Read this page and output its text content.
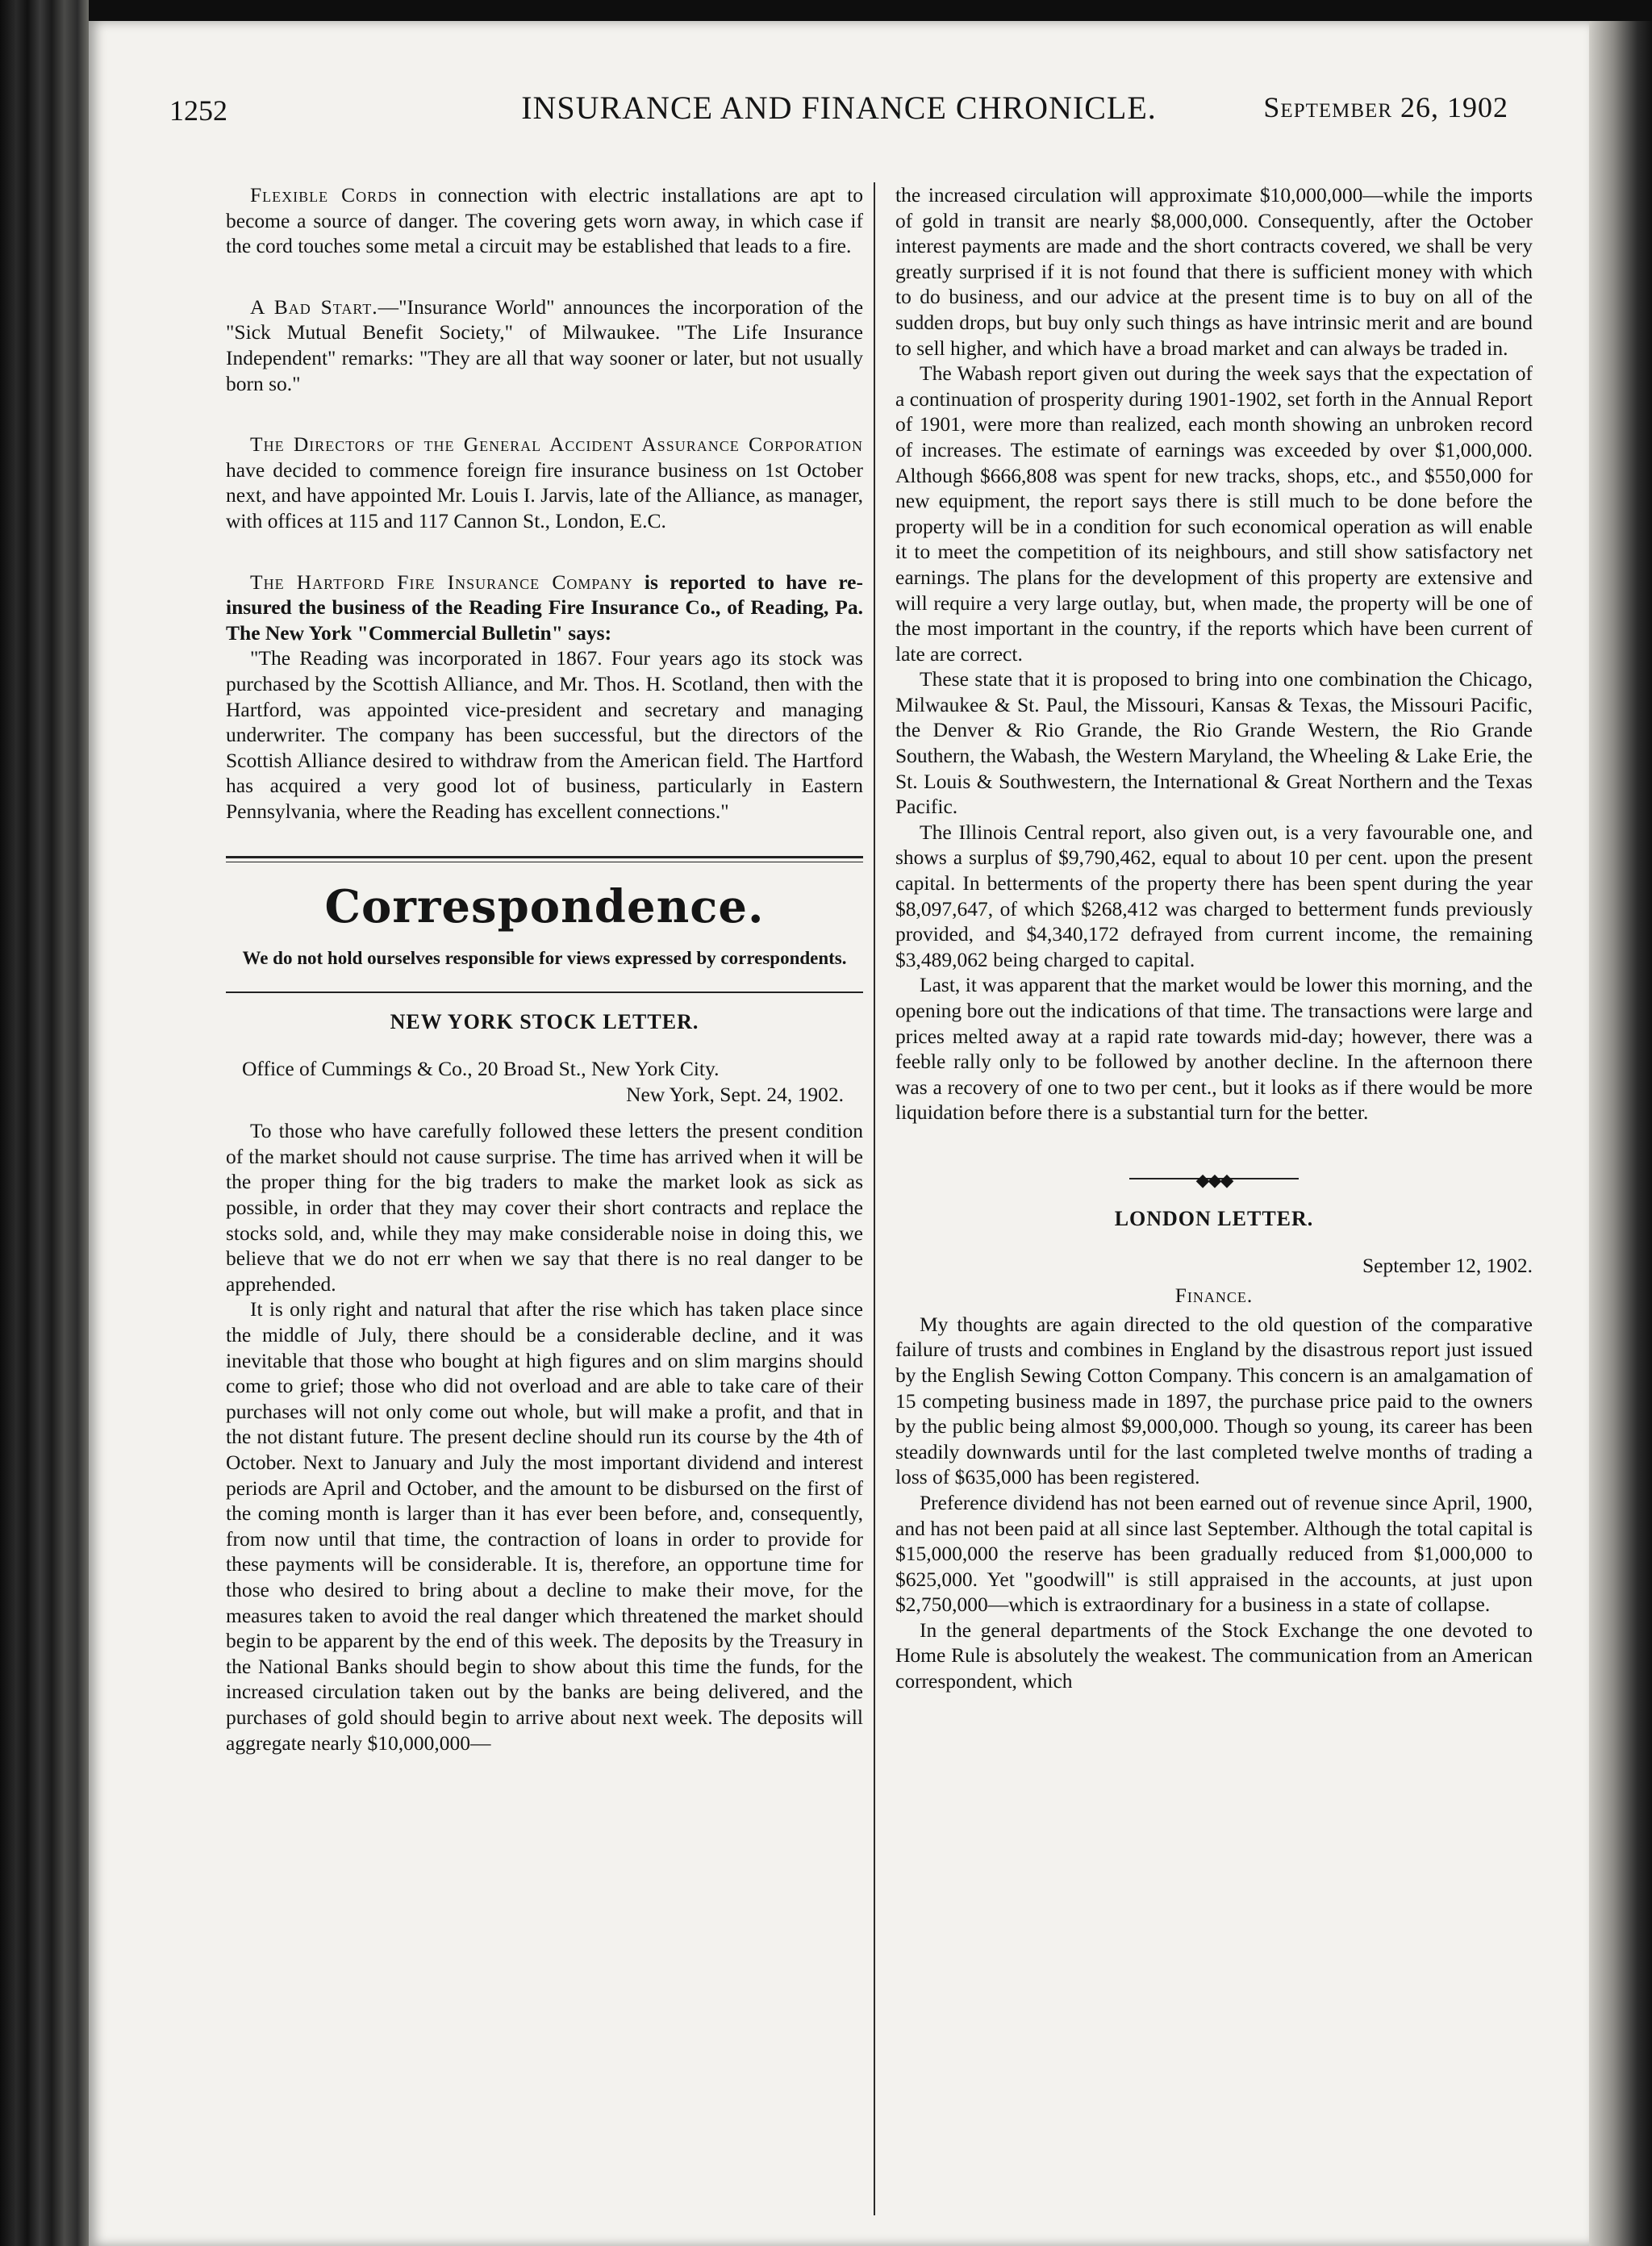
1252	INSURANCE AND FINANCE CHRONICLE.	September 26, 1902

Flexible Cords in connection with electric installations are apt to become a source of danger. The covering gets worn away, in which case if the cord touches some metal a circuit may be established that leads to a fire.

A Bad Start.—"Insurance World" announces the incorporation of the "Sick Mutual Benefit Society," of Milwaukee. "The Life Insurance Independent" remarks: "They are all that way sooner or later, but not usually born so."

The Directors of the General Accident Assurance Corporation have decided to commence foreign fire insurance business on 1st October next, and have appointed Mr. Louis I. Jarvis, late of the Alliance, as manager, with offices at 115 and 117 Cannon St., London, E.C.

The Hartford Fire Insurance Company is reported to have re-insured the business of the Reading Fire Insurance Co., of Reading, Pa. The New York "Commercial Bulletin" says:

"The Reading was incorporated in 1867. Four years ago its stock was purchased by the Scottish Alliance, and Mr. Thos. H. Scotland, then with the Hartford, was appointed vice-president and secretary and managing underwriter. The company has been successful, but the directors of the Scottish Alliance desired to withdraw from the American field. The Hartford has acquired a very good lot of business, particularly in Eastern Pennsylvania, where the Reading has excellent connections."

Correspondence.

We do not hold ourselves responsible for views expressed by correspondents.

NEW YORK STOCK LETTER.

Office of Cummings & Co., 20 Broad St., New York City.

New York, Sept. 24, 1902.

To those who have carefully followed these letters the present condition of the market should not cause surprise. The time has arrived when it will be the proper thing for the big traders to make the market look as sick as possible, in order that they may cover their short contracts and replace the stocks sold, and, while they may make considerable noise in doing this, we believe that we do not err when we say that there is no real danger to be apprehended.

It is only right and natural that after the rise which has taken place since the middle of July, there should be a considerable decline, and it was inevitable that those who bought at high figures and on slim margins should come to grief; those who did not overload and are able to take care of their purchases will not only come out whole, but will make a profit, and that in the not distant future. The present decline should run its course by the 4th of October. Next to January and July the most important dividend and interest periods are April and October, and the amount to be disbursed on the first of the coming month is larger than it has ever been before, and, consequently, from now until that time, the contraction of loans in order to provide for these payments will be considerable. It is, therefore, an opportune time for those who desired to bring about a decline to make their move, for the measures taken to avoid the real danger which threatened the market should begin to be apparent by the end of this week. The deposits by the Treasury in the National Banks should begin to show about this time the funds, for the increased circulation taken out by the banks are being delivered, and the purchases of gold should begin to arrive about next week. The deposits will aggregate nearly $10,000,000—

the increased circulation will approximate $10,000,000—while the imports of gold in transit are nearly $8,000,000. Consequently, after the October interest payments are made and the short contracts covered, we shall be very greatly surprised if it is not found that there is sufficient money with which to do business, and our advice at the present time is to buy on all of the sudden drops, but buy only such things as have intrinsic merit and are bound to sell higher, and which have a broad market and can always be traded in.

The Wabash report given out during the week says that the expectation of a continuation of prosperity during 1901-1902, set forth in the Annual Report of 1901, were more than realized, each month showing an unbroken record of increases. The estimate of earnings was exceeded by over $1,000,000. Although $666,808 was spent for new tracks, shops, etc., and $550,000 for new equipment, the report says there is still much to be done before the property will be in a condition for such economical operation as will enable it to meet the competition of its neighbours, and still show satisfactory net earnings. The plans for the development of this property are extensive and will require a very large outlay, but, when made, the property will be one of the most important in the country, if the reports which have been current of late are correct.

These state that it is proposed to bring into one combination the Chicago, Milwaukee & St. Paul, the Missouri, Kansas & Texas, the Missouri Pacific, the Denver & Rio Grande, the Rio Grande Western, the Rio Grande Southern, the Wabash, the Western Maryland, the Wheeling & Lake Erie, the St. Louis & Southwestern, the International & Great Northern and the Texas Pacific.

The Illinois Central report, also given out, is a very favourable one, and shows a surplus of $9,790,462, equal to about 10 per cent. upon the present capital. In betterments of the property there has been spent during the year $8,097,647, of which $268,412 was charged to betterment funds previously provided, and $4,340,172 defrayed from current income, the remaining $3,489,062 being charged to capital.

Last, it was apparent that the market would be lower this morning, and the opening bore out the indications of that time. The transactions were large and prices melted away at a rapid rate towards mid-day; however, there was a feeble rally only to be followed by another decline. In the afternoon there was a recovery of one to two per cent., but it looks as if there would be more liquidation before there is a substantial turn for the better.

◆◆◆
LONDON LETTER.

September 12, 1902.

Finance.

My thoughts are again directed to the old question of the comparative failure of trusts and combines in England by the disastrous report just issued by the English Sewing Cotton Company. This concern is an amalgamation of 15 competing business made in 1897, the purchase price paid to the owners by the public being almost $9,000,000. Though so young, its career has been steadily downwards until for the last completed twelve months of trading a loss of $635,000 has been registered.

Preference dividend has not been earned out of revenue since April, 1900, and has not been paid at all since last September. Although the total capital is $15,000,000 the reserve has been gradually reduced from $1,000,000 to $625,000. Yet "goodwill" is still appraised in the accounts, at just upon $2,750,000—which is extraordinary for a business in a state of collapse.

In the general departments of the Stock Exchange the one devoted to Home Rule is absolutely the weakest. The communication from an American correspondent, which
